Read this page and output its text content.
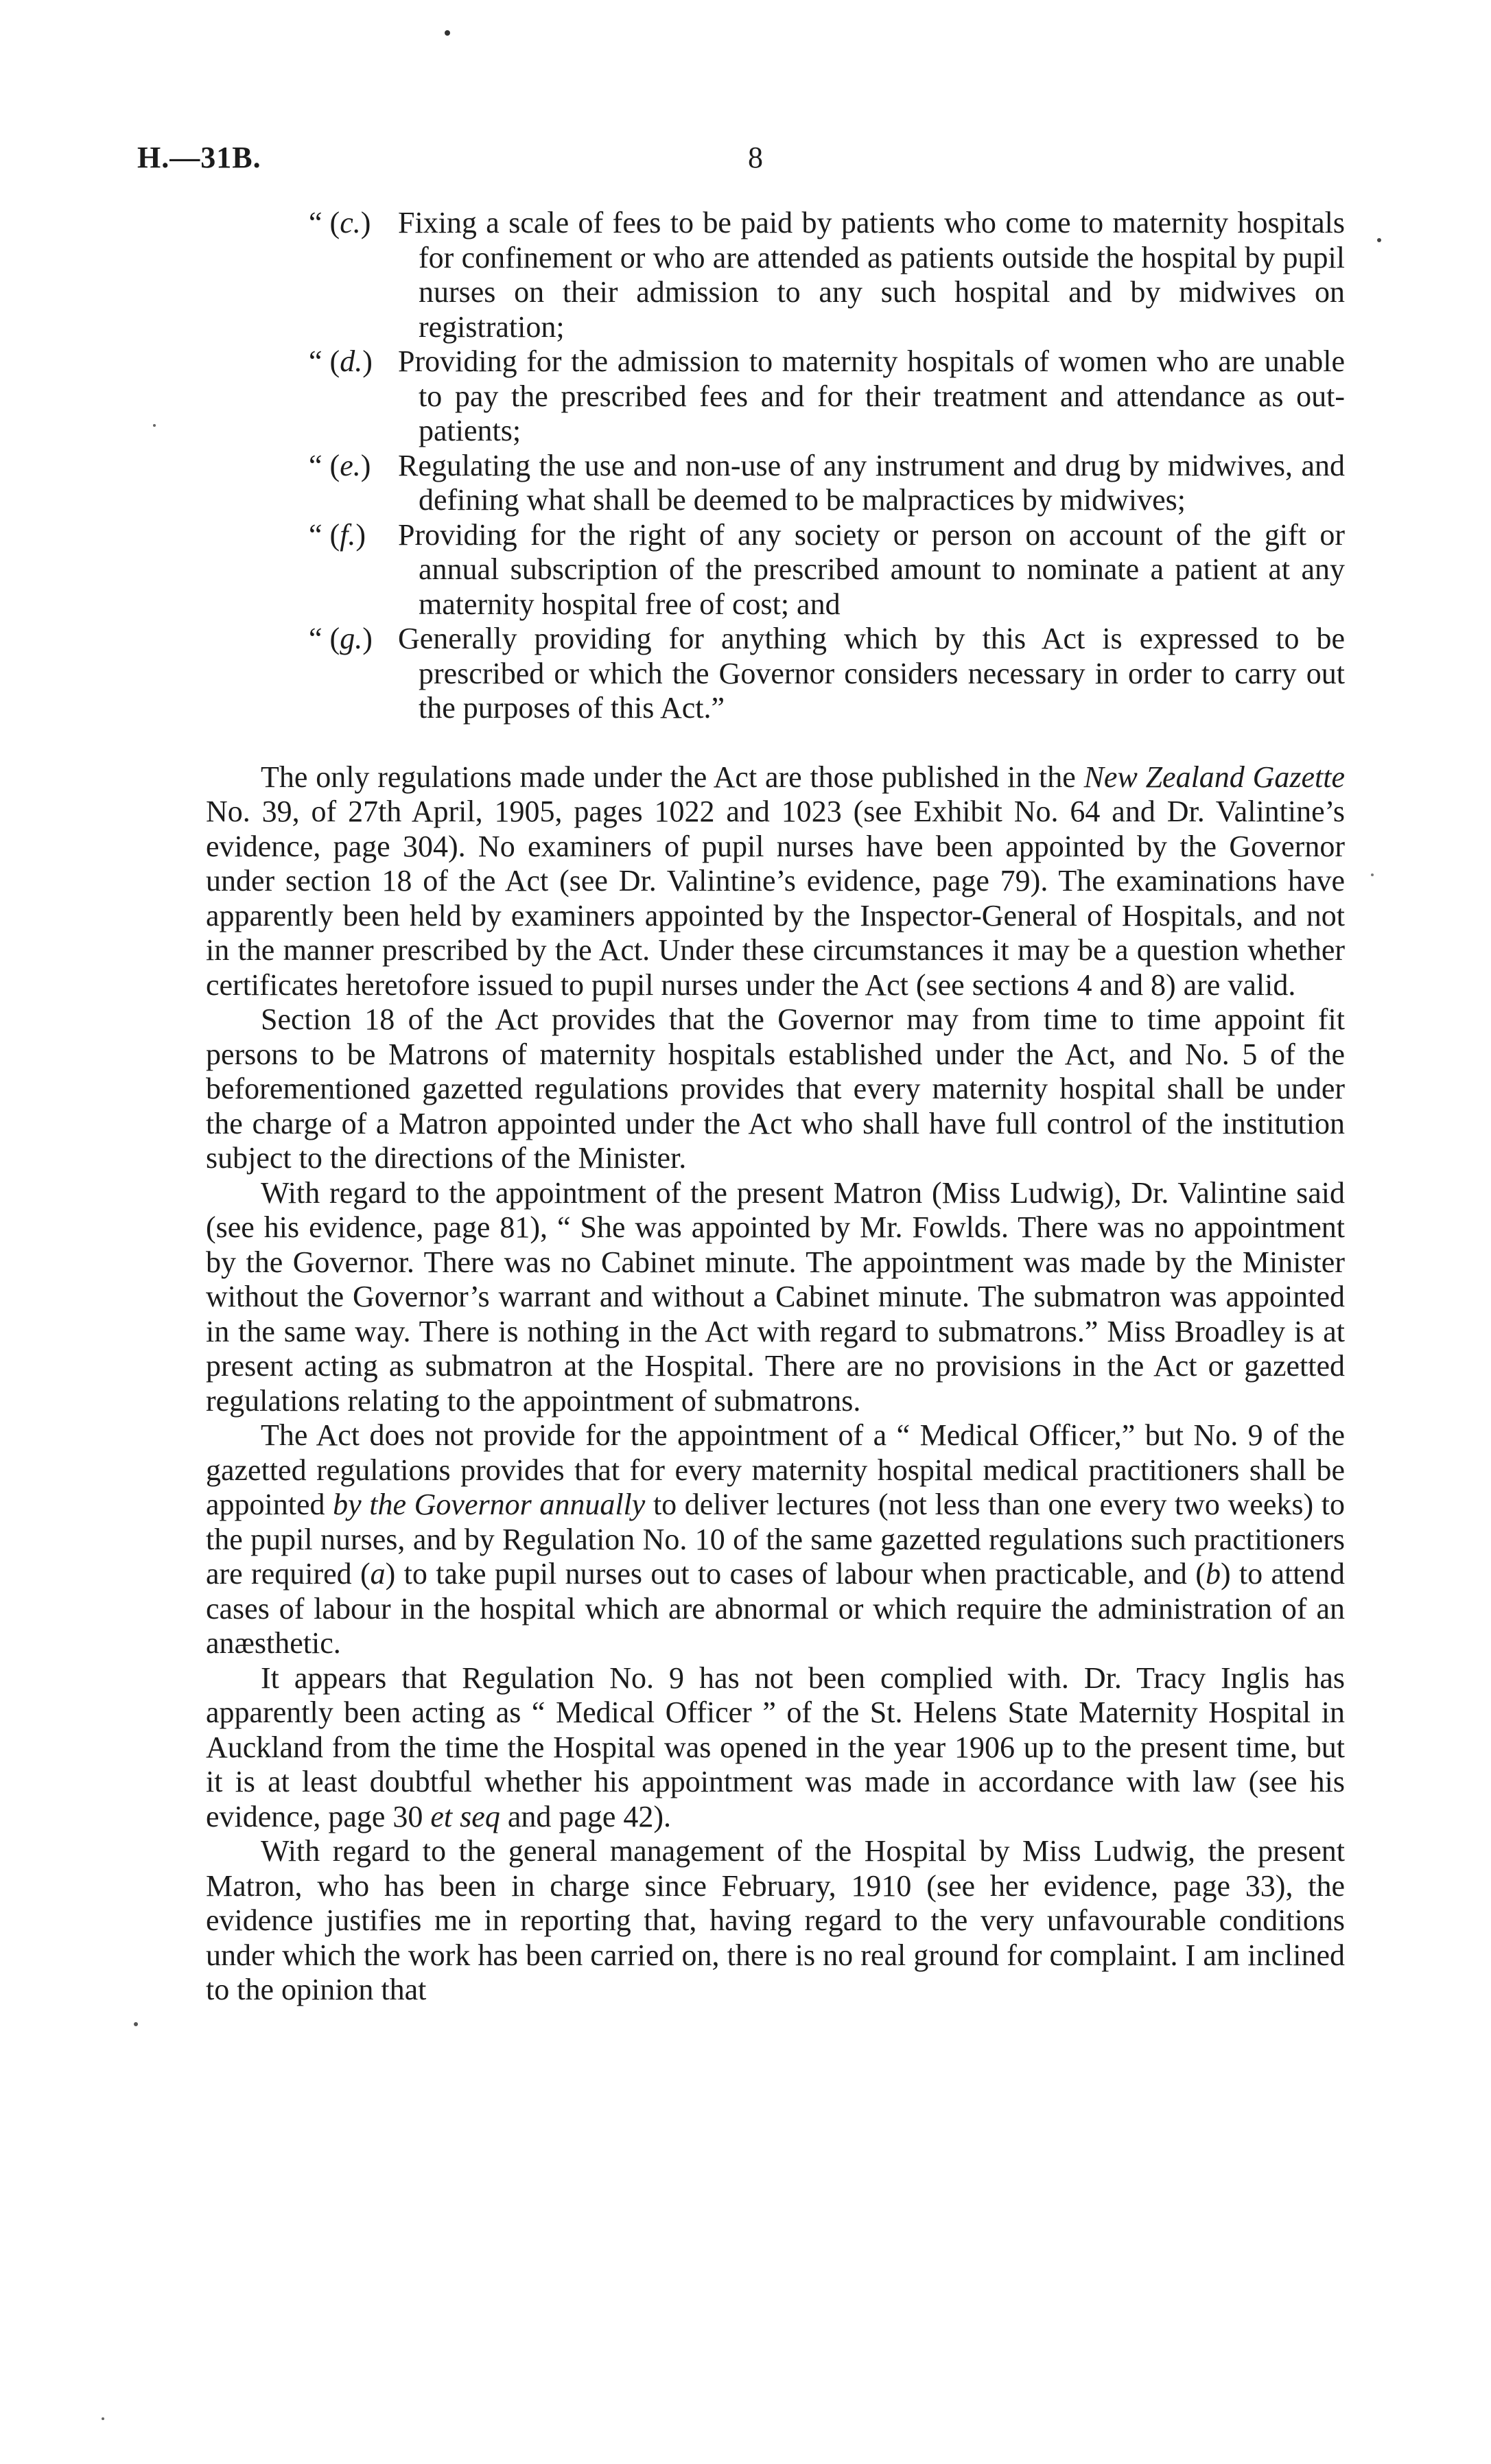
H.—31B.	8

“ (c.) Fixing a scale of fees to be paid by patients who come to maternity hospitals for confinement or who are attended as patients outside the hospital by pupil nurses on their admission to any such hospital and by midwives on registration;

“ (d.) Providing for the admission to maternity hospitals of women who are unable to pay the prescribed fees and for their treatment and attendance as out-patients;

“ (e.) Regulating the use and non-use of any instrument and drug by midwives, and defining what shall be deemed to be malpractices by midwives;

“ (f.) Providing for the right of any society or person on account of the gift or annual subscription of the prescribed amount to nominate a patient at any maternity hospital free of cost; and

“ (g.) Generally providing for anything which by this Act is expressed to be prescribed or which the Governor considers necessary in order to carry out the purposes of this Act.”

The only regulations made under the Act are those published in the New Zealand Gazette No. 39, of 27th April, 1905, pages 1022 and 1023 (see Exhibit No. 64 and Dr. Valintine’s evidence, page 304). No examiners of pupil nurses have been appointed by the Governor under section 18 of the Act (see Dr. Valintine’s evidence, page 79). The examinations have apparently been held by examiners appointed by the Inspector-General of Hospitals, and not in the manner prescribed by the Act. Under these circumstances it may be a question whether certificates heretofore issued to pupil nurses under the Act (see sections 4 and 8) are valid.

Section 18 of the Act provides that the Governor may from time to time appoint fit persons to be Matrons of maternity hospitals established under the Act, and No. 5 of the beforementioned gazetted regulations provides that every maternity hospital shall be under the charge of a Matron appointed under the Act who shall have full control of the institution subject to the directions of the Minister.

With regard to the appointment of the present Matron (Miss Ludwig), Dr. Valintine said (see his evidence, page 81), “ She was appointed by Mr. Fowlds. There was no appointment by the Governor. There was no Cabinet minute. The appointment was made by the Minister without the Governor’s warrant and without a Cabinet minute. The submatron was appointed in the same way. There is nothing in the Act with regard to submatrons.” Miss Broadley is at present acting as submatron at the Hospital. There are no provisions in the Act or gazetted regulations relating to the appointment of submatrons.

The Act does not provide for the appointment of a “ Medical Officer,” but No. 9 of the gazetted regulations provides that for every maternity hospital medical practitioners shall be appointed by the Governor annually to deliver lectures (not less than one every two weeks) to the pupil nurses, and by Regulation No. 10 of the same gazetted regulations such practitioners are required (a) to take pupil nurses out to cases of labour when practicable, and (b) to attend cases of labour in the hospital which are abnormal or which require the administration of an anæsthetic.

It appears that Regulation No. 9 has not been complied with. Dr. Tracy Inglis has apparently been acting as “ Medical Officer ” of the St. Helens State Maternity Hospital in Auckland from the time the Hospital was opened in the year 1906 up to the present time, but it is at least doubtful whether his appointment was made in accordance with law (see his evidence, page 30 et seq and page 42).

With regard to the general management of the Hospital by Miss Ludwig, the present Matron, who has been in charge since February, 1910 (see her evidence, page 33), the evidence justifies me in reporting that, having regard to the very unfavourable conditions under which the work has been carried on, there is no real ground for complaint. I am inclined to the opinion that
